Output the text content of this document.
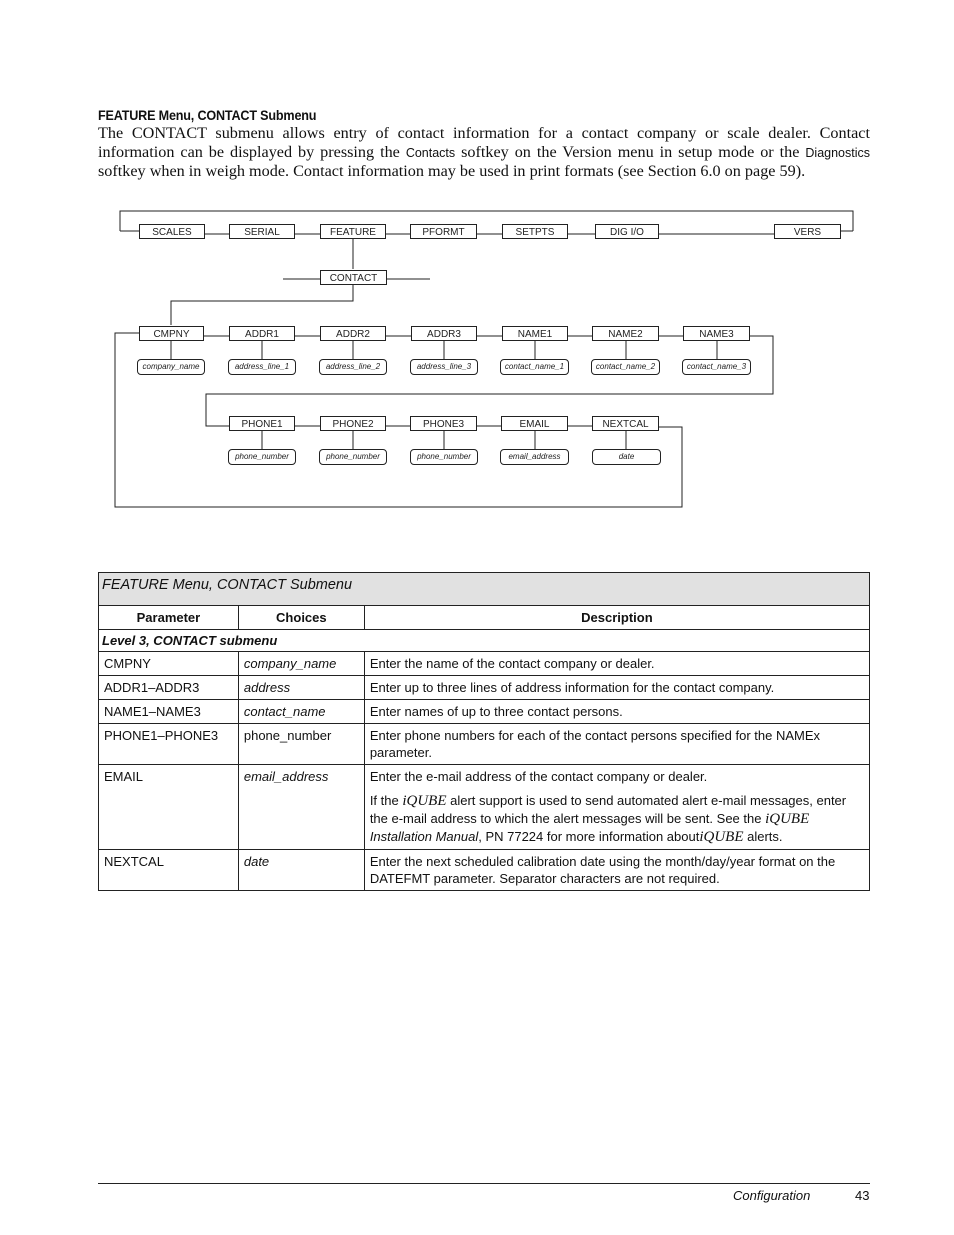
FEATURE Menu, CONTACT Submenu
The CONTACT submenu allows entry of contact information for a contact company or scale dealer. Contact information can be displayed by pressing the Contacts softkey on the Version menu in setup mode or the Diagnostics softkey when in weigh mode. Contact information may be used in print formats (see Section 6.0 on page 59).
SCALES	SERIAL	FEATURE	PFORMT	SETPTS	DIG I/O	VERS
CONTACT
CMPNY	ADDR1	ADDR2	ADDR3	NAME1	NAME2	NAME3
company_name	address_line_1	address_line_2	address_line_3	contact_name_1	contact_name_2	contact_name_3
PHONE1	PHONE2	PHONE3	EMAIL	NEXTCAL
phone_number	phone_number	phone_number	email_address	date
FEATURE Menu, CONTACT Submenu		
Parameter	Choices	Description
Level 3, CONTACT submenu		
CMPNY	company_name	Enter the name of the contact company or dealer.
ADDR1–ADDR3	address	Enter up to three lines of address information for the contact company.
NAME1–NAME3	contact_name	Enter names of up to three contact persons.
PHONE1–PHONE3	phone_number	Enter phone numbers for each of the contact persons specified for the NAMEx parameter.
EMAIL	email_address	Enter the e-mail address of the contact company or dealer.

If the iQUBE alert support is used to send automated alert e-mail messages, enter the e-mail address to which the alert messages will be sent. See the iQUBE Installation Manual, PN 77224 for more information aboutiQUBE alerts.

NEXTCAL	date	Enter the next scheduled calibration date using the month/day/year format on the DATEFMT parameter. Separator characters are not required.
Configuration	43
